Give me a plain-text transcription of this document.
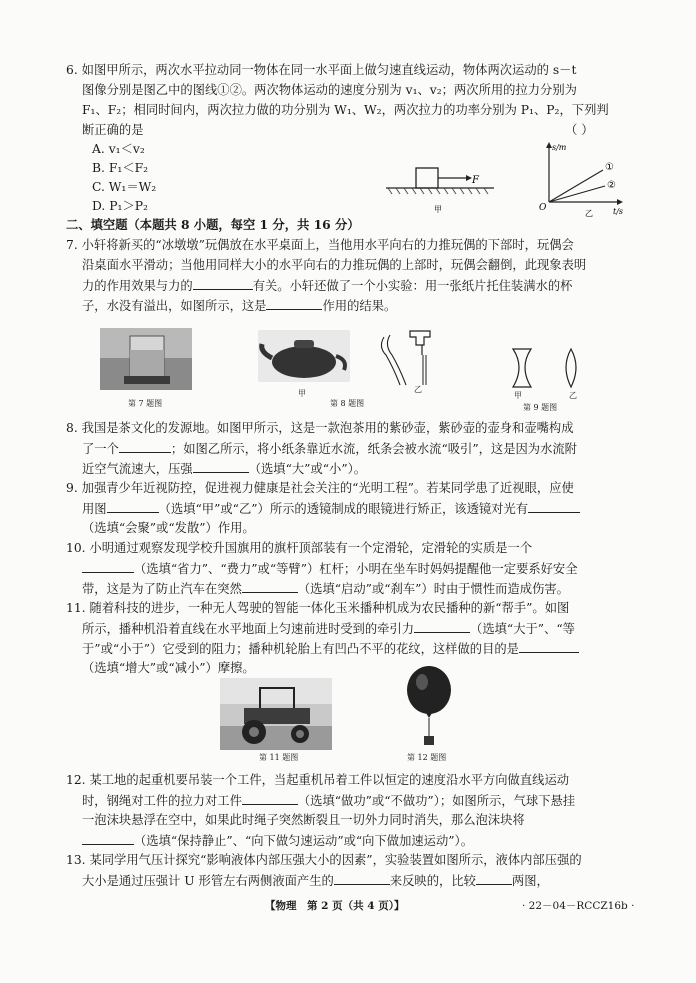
6. 如图甲所示，两次水平拉动同一物体在同一水平面上做匀速直线运动，物体两次运动的 s－t
图像分别是图乙中的图线①②。两次物体运动的速度分别为 v₁、v₂；两次所用的拉力分别为
F₁、F₂；相同时间内，两次拉力做的功分别为 W₁、W₂，两次拉力的功率分别为 P₁、P₂，下列判
断正确的是	（ ）
A. v₁＜v₂
B. F₁＜F₂
C. W₁＝W₂
D. P₁＞P₂
F
甲
s/m
t/s
O
①
②
乙
二、填空题（本题共 8 小题，每空 1 分，共 16 分）
7. 小轩将新买的“冰墩墩”玩偶放在水平桌面上，当他用水平向右的力推玩偶的下部时，玩偶会
沿桌面水平滑动；当他用同样大小的水平向右的力推玩偶的上部时，玩偶会翻倒，此现象表明
力的作用效果与力的	有关。小轩还做了一个小实验：用一张纸片托住装满水的杯
子，水没有溢出，如图所示，这是	作用的结果。
第 7 题图
甲	乙
第 8 题图
甲	乙
第 9 题图
8. 我国是茶文化的发源地。如图甲所示，这是一款泡茶用的紫砂壶，紫砂壶的壶身和壶嘴构成
了一个	；如图乙所示，将小纸条靠近水流，纸条会被水流“吸引”，这是因为水流附
近空气流速大，压强	（选填“大”或“小”）。
9. 加强青少年近视防控，促进视力健康是社会关注的“光明工程”。若某同学患了近视眼，应使
用图	（选填“甲”或“乙”）所示的透镜制成的眼镜进行矫正，该透镜对光有
（选填“会聚”或“发散”）作用。
10. 小明通过观察发现学校升国旗用的旗杆顶部装有一个定滑轮，定滑轮的实质是一个
（选填“省力”、“费力”或“等臂”）杠杆；小明在坐车时妈妈提醒他一定要系好安全
带，这是为了防止汽车在突然	（选填“启动”或“刹车”）时由于惯性而造成伤害。
11. 随着科技的进步，一种无人驾驶的智能一体化玉米播种机成为农民播种的新“帮手”。如图
所示，播种机沿着直线在水平地面上匀速前进时受到的牵引力	（选填“大于”、“等
于”或“小于”）它受到的阻力；播种机轮胎上有凹凸不平的花纹，这样做的目的是
（选填“增大”或“减小”）摩擦。
第 11 题图	第 12 题图
12. 某工地的起重机要吊装一个工件，当起重机吊着工件以恒定的速度沿水平方向做直线运动
时，钢绳对工件的拉力对工件	（选填“做功”或“不做功”）；如图所示，气球下悬挂
一泡沫块悬浮在空中，如果此时绳子突然断裂且一切外力同时消失，那么泡沫块将
（选填“保持静止”、“向下做匀速运动”或“向下做加速运动”）。
13. 某同学用气压计探究“影响液体内部压强大小的因素”，实验装置如图所示，液体内部压强的
大小是通过压强计 U 形管左右两侧液面产生的	来反映的，比较	两图，
【物理　第 2 页（共 4 页）】	· 22－04－RCCZ16b ·
